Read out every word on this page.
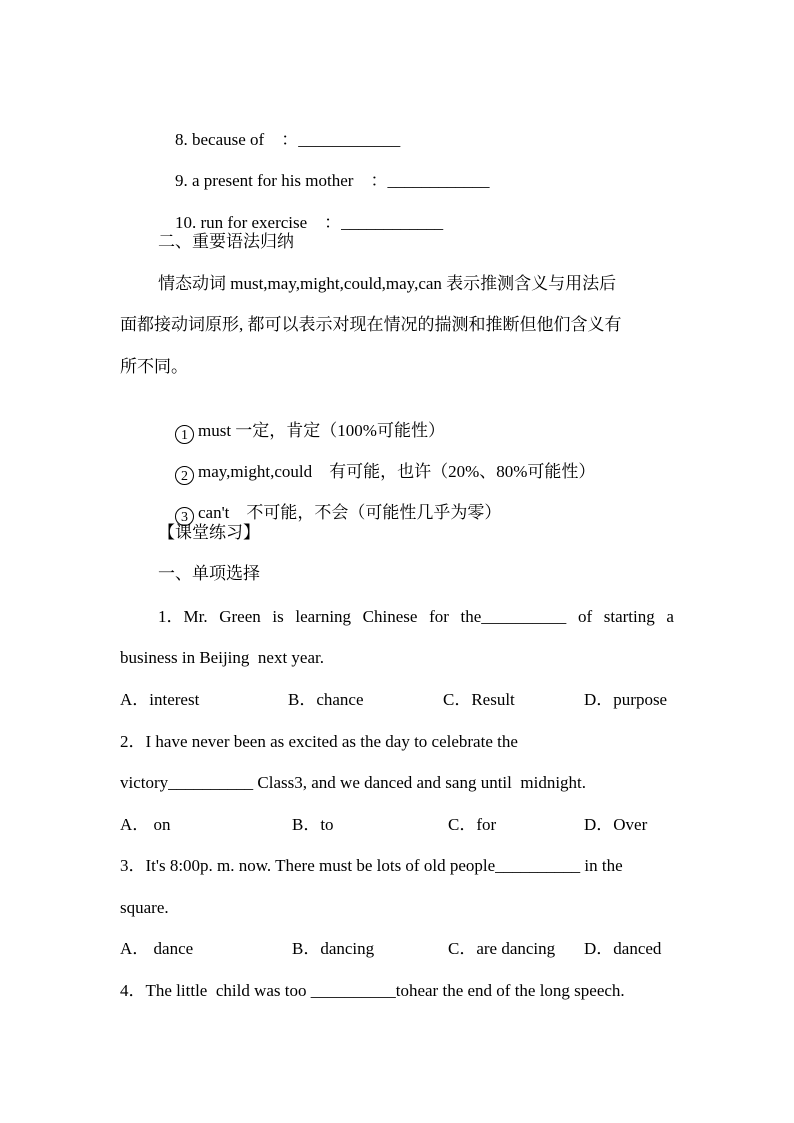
8. because of　：____________

9. a present for his mother　：____________

10. run for exercise　：____________

二、重要语法归纳
情态动词 must,may,might,could,may,can 表示推测含义与用法后
面都接动词原形, 都可以表示对现在情况的揣测和推断但他们含义有
所不同。

1 must 一定，肯定（100%可能性）

2 may,might,could　有可能，也许（20%、80%可能性）

3 can't　不可能，不会（可能性几乎为零）

【课堂练习】
一、单项选择
1．Mr. Green is learning Chinese for the__________ of starting a
business in Beijing  next year.
A．interest	B．chance	C．Result	D．purpose
2．I have never been as excited as the day to celebrate the
victory__________ Class3, and we danced and sang until  midnight.
A． on	B．to	C．for	D．Over
3．It's 8:00p. m. now. There must be lots of old people__________ in the
square.
A． dance	B．dancing	C．are dancing D．danced
4．The little  child was too __________tohear the end of the long speech.
